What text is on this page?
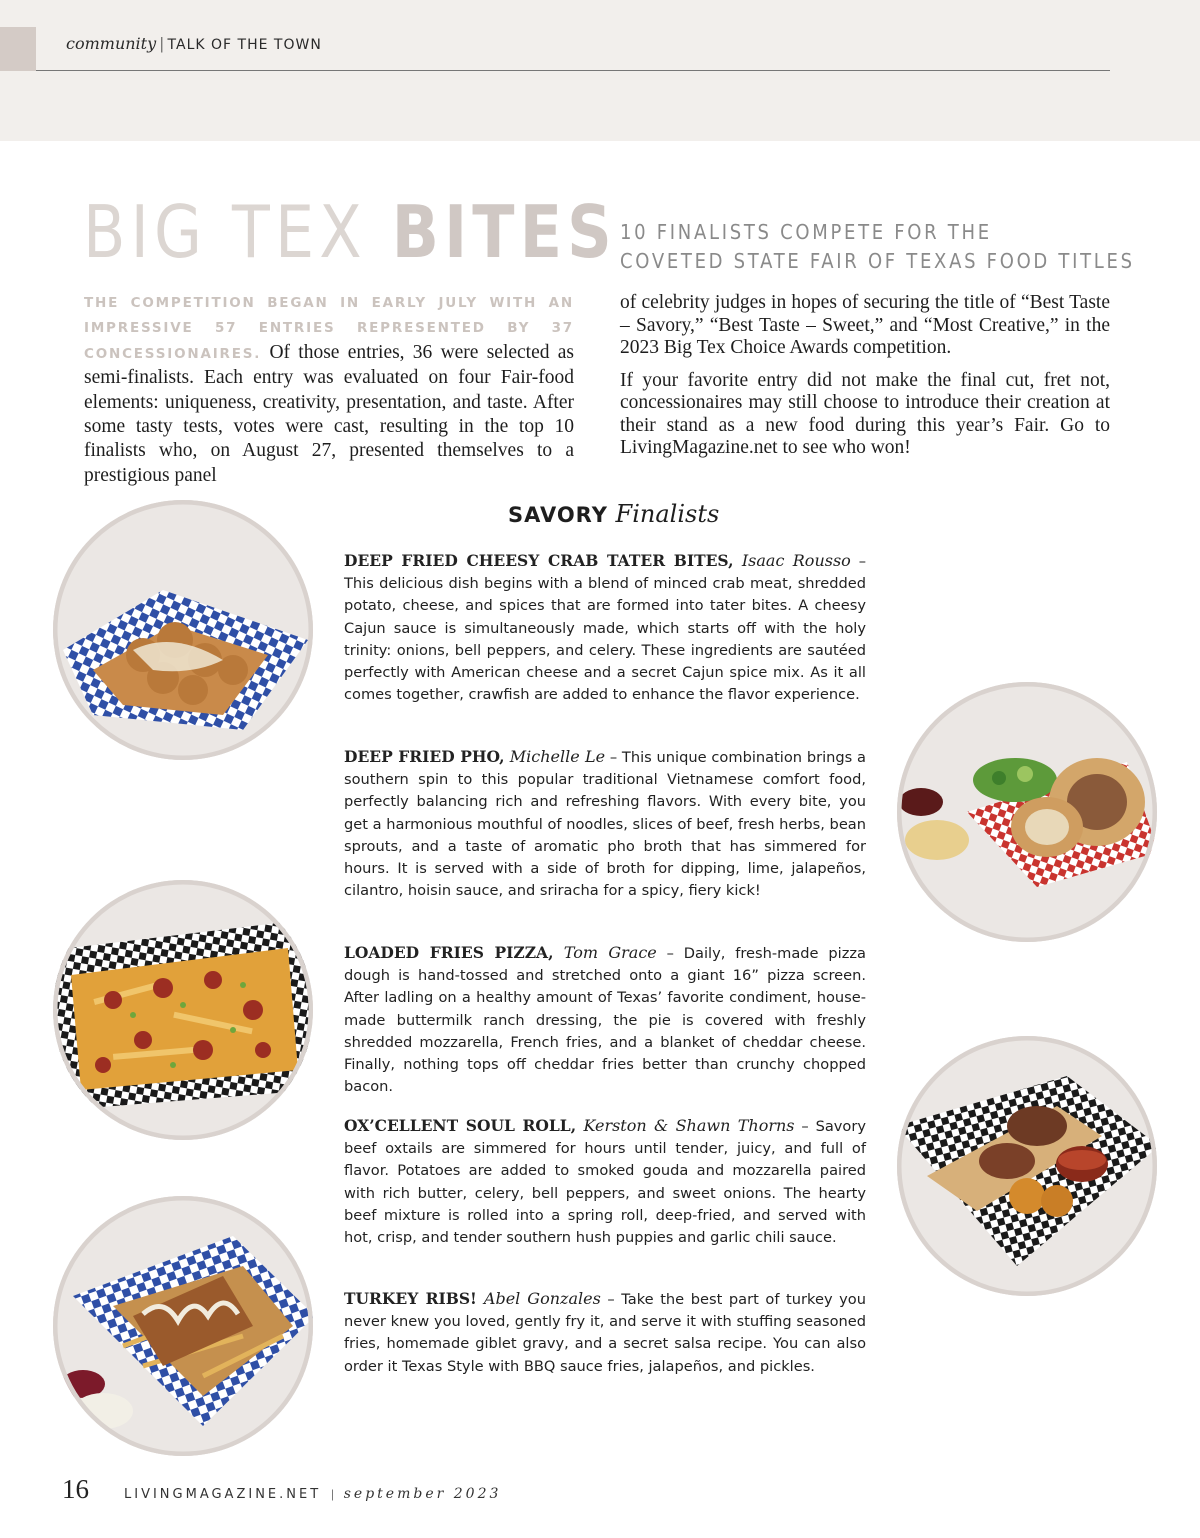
community | TALK OF THE TOWN
BIG TEX BITES 10 FINALISTS COMPETE FOR THE
COVETED STATE FAIR OF TEXAS FOOD TITLES
THE COMPETITION BEGAN IN EARLY JULY WITH AN IMPRESSIVE 57 ENTRIES REPRESENTED BY 37 CONCESSIONAIRES. Of those entries, 36 were selected as semi-finalists. Each entry was evaluated on four Fair-food elements: uniqueness, creativity, presentation, and taste. After some tasty tests, votes were cast, resulting in the top 10 finalists who, on August 27, presented themselves to a prestigious panel

of celebrity judges in hopes of securing the title of “Best Taste – Savory,” “Best Taste – Sweet,” and “Most Creative,” in the 2023 Big Tex Choice Awards competition.

If your favorite entry did not make the final cut, fret not, concessionaires may still choose to introduce their creation at their stand as a new food during this year’s Fair. Go to LivingMagazine.net to see who won!

SAVORY Finalists
DEEP FRIED CHEESY CRAB TATER BITES, Isaac Rousso – This delicious dish begins with a blend of minced crab meat, shredded potato, cheese, and spices that are formed into tater bites. A cheesy Cajun sauce is simultaneously made, which starts off with the holy trinity: onions, bell peppers, and celery. These ingredients are sautéed perfectly with American cheese and a secret Cajun spice mix. As it all comes together, crawfish are added to enhance the flavor experience.
DEEP FRIED PHO, Michelle Le – This unique combination brings a southern spin to this popular traditional Vietnamese comfort food, perfectly balancing rich and refreshing flavors. With every bite, you get a harmonious mouthful of noodles, slices of beef, fresh herbs, bean sprouts, and a taste of aromatic pho broth that has simmered for hours. It is served with a side of broth for dipping, lime, jalapeños, cilantro, hoisin sauce, and sriracha for a spicy, fiery kick!
LOADED FRIES PIZZA, Tom Grace – Daily, fresh-made pizza dough is hand-tossed and stretched onto a giant 16” pizza screen. After ladling on a healthy amount of Texas’ favorite condiment, house-made buttermilk ranch dressing, the pie is covered with freshly shredded mozzarella, French fries, and a blanket of cheddar cheese. Finally, nothing tops off cheddar fries better than crunchy chopped bacon.
OX’CELLENT SOUL ROLL, Kerston & Shawn Thorns – Savory beef oxtails are simmered for hours until tender, juicy, and full of flavor. Potatoes are added to smoked gouda and mozzarella paired with rich butter, celery, bell peppers, and sweet onions. The hearty beef mixture is rolled into a spring roll, deep-fried, and served with hot, crisp, and tender southern hush puppies and garlic chili sauce.
TURKEY RIBS! Abel Gonzales – Take the best part of turkey you never knew you loved, gently fry it, and serve it with stuffing seasoned fries, homemade giblet gravy, and a secret salsa recipe. You can also order it Texas Style with BBQ sauce fries, jalapeños, and pickles.
16	LIVINGMAGAZINE.NET | september 2023
